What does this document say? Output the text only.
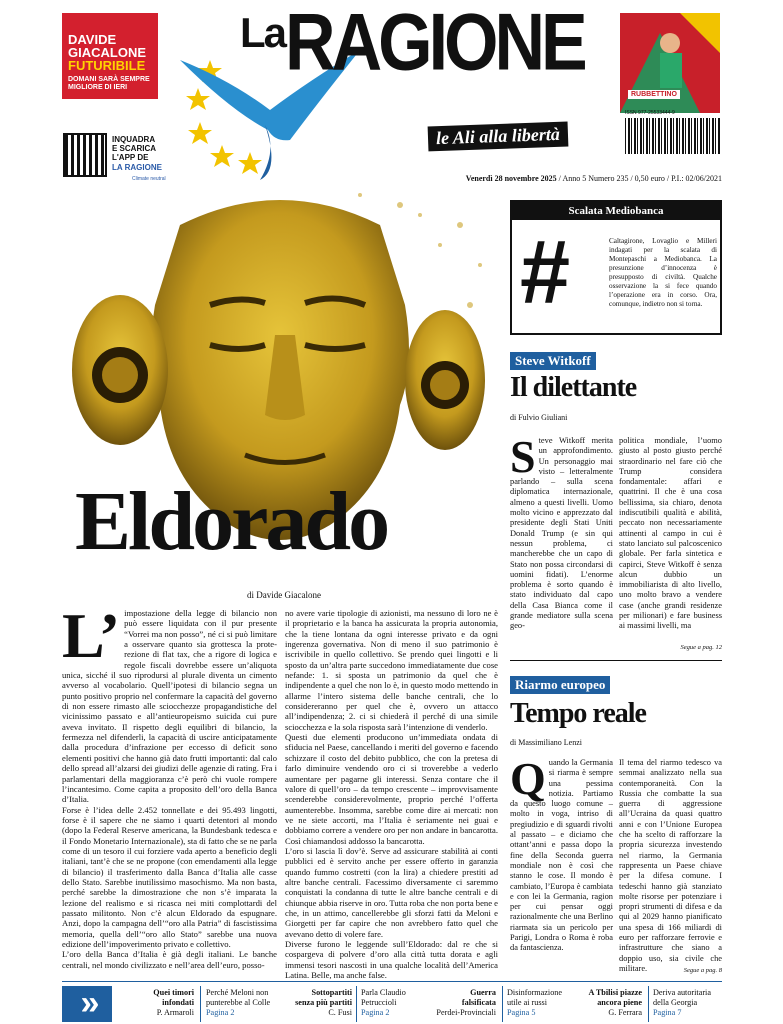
DAVIDE
GIACALONE
FUTURIBILE
DOMANI SARÀ SEMPRE MIGLIORE DI IERI
LaRAGIONE
le Ali alla libertà
RUBBETTINO
INQUADRA
E SCARICA
L'APP DE
LA RAGIONE
Climate neutral
ISSN 977-25533444-9
Venerdì 28 novembre 2025 / Anno 5 Numero 235 / 0,50 euro / P.I.: 02/06/2021
Eldorado
di Davide Giacalone
L’ impostazione della legge di bilancio non può essere liquidata con il pur presente “Vorrei ma non posso”, né ci si può limitare a osservare quanto sia grottesca la prote-rezione di flat tax, che a rigore di logica e regole fiscali dovrebbe essere un’aliquota unica, sicché il suo riprodursi al plurale diventa un cimento avverso al vocabolario. Quell’ipotesi di bilancio segna un punto positivo proprio nel confermare la capacità del governo di non essere rimasto alle sciocchezze propagandistiche del vicinissimo passato e all’antieuropeismo suicida cui pure aveva invitato. Il rispetto degli equilibri di bilancio, la fermezza nel difenderli, la capacità di uscire anticipatamente dalla procedura d’infrazione per eccesso di deficit sono elementi positivi che hanno già dato frutti importanti: dal calo dello spread all’alzarsi dei giudizi delle agenzie di rating. Fra i parlamentari della maggioranza c’è però chi vuole rompere l’incantesimo. Come capita a proposito dell’oro della Banca d’Italia.

Forse è l’idea delle 2.452 tonnellate e dei 95.493 lingotti, forse è il sapere che ne siamo i quarti detentori al mondo (dopo la Federal Reserve americana, la Bundesbank tedesca e il Fondo Monetario Internazionale), sta di fatto che se ne parla come di un tesoro il cui forziere vada aperto a beneficio degli italiani, tant’è che se ne propone (con emendamenti alla legge di bilancio) il trasferimento dalla Banca d’Italia alle casse dello Stato. Sarebbe inutilissimo masochismo. Ma non basta, perché sarebbe la dimostrazione che non s’è imparata la lezione del realismo e si ricasca nei miti complottardi del passato militonto. Non c’è alcun Eldorado da espugnare. Anzi, dopo la campagna dell’“oro alla Patria” di fascistissima memoria, quella dell’“oro allo Stato” sarebbe una nuova edizione dell’impoverimento privato e collettivo.

L’oro della Banca d’Italia è già degli italiani. Le banche centrali, nel mondo civilizzato e nell’area dell’euro, posso-

no avere varie tipologie di azionisti, ma nessuno di loro ne è il proprietario e la banca ha assicurata la propria autonomia, che la tiene lontana da ogni interesse privato e da ogni ingerenza governativa. Non di meno il suo patrimonio è iscrivibile in quello collettivo. Se prendo quei lingotti e li sposto da un’altra parte succedono immediatamente due cose nefande: 1. si sposta un patrimonio da quel che è indipendente a quel che non lo è, in questo modo mettendo in allarme l’intero sistema delle banche centrali, che lo considereranno per quel che è, ovvero un attacco all’indipendenza; 2. ci si chiederà il perché di una simile sciocchezza e la sola risposta sarà l’intenzione di venderlo.

Questi due elementi producono un’immediata ondata di sfiducia nel Paese, cancellando i meriti del governo e facendo schizzare il costo del debito pubblico, che con la pretesa di farlo diminuire vendendo oro ci si troverebbe a vederlo aumentare per pagarne gli interessi. Senza contare che il valore di quell’oro – da tempo crescente – improvvisamente scenderebbe considerevolmente, proprio perché l’offerta aumenterebbe. Insomma, sarebbe come dire ai mercati: non ve ne siete accorti, ma l’Italia è seriamente nei guai e dobbiamo correre a vendere oro per non andare in bancarotta. Così chiamandosi addosso la bancarotta.

L’oro si lascia lì dov’è. Serve ad assicurare stabilità ai conti pubblici ed è servito anche per essere offerto in garanzia quando fummo costretti (con la lira) a chiedere prestiti ad altre banche centrali. Facessimo diversamente ci saremmo conquistati la condanna di tutte le altre banche centrali e di chiunque abbia riserve in oro. Tutta roba che non porta bene e che, in un attimo, cancellerebbe gli sforzi fatti da Meloni e Giorgetti per far capire che non avrebbero fatto quel che avevano detto di volere fare.

Diverse furono le leggende sull’Eldorado: dal re che si cospargeva di polvere d’oro alla città tutta dorata e agli immensi tesori nascosti in una qualche località dell’America Latina. Belle, ma anche false.

Scalata Mediobanca
#	Caltagirone, Lovaglio e Milleri indagati per la scalata di Montepaschi a Mediobanca. La presunzione d’innocenza è presupposto di civiltà. Qualche osservazione la si fece quando l’operazione era in corso. Ora, comunque, indietro non si torna.
Steve Witkoff
Il dilettante
di Fulvio Giuliani
S teve Witkoff merita un approfondimento. Un personaggio mai visto – letteralmente parlando – sulla scena diplomatica internazionale, almeno a questi livelli. Uomo molto vicino e apprezzato dal presidente degli Stati Uniti Donald Trump (e sin qui nessun problema, ci mancherebbe che un capo di Stato non possa circondarsi di uomini fidati). L’enorme problema è sorto quando è stato individuato dal capo della Casa Bianca come il grande mediatore sulla scena geo-

politica mondiale, l’uomo giusto al posto giusto perché straordinario nel fare ciò che Trump considera fondamentale: affari e quattrini. Il che è una cosa bellissima, sia chiaro, denota indiscutibili qualità e abilità, peccato non necessariamente attinenti al campo in cui è stato lanciato sul palcoscenico globale. Per farla sintetica e capirci, Steve Witkoff è senza alcun dubbio un immobiliarista di alto livello, uno molto bravo a vendere case (anche grandi residenze per milionari) e fare business ai massimi livelli, ma

Segue a pag. 12
Riarmo europeo
Tempo reale
di Massimiliano Lenzi
Q uando la Germania si riarma è sempre una pessima notizia. Partiamo da questo luogo comune – molto in voga, intriso di pregiudizio e di sguardi rivolti al passato – e diciamo che ottant’anni e passa dopo la fine della Seconda guerra mondiale non è così che stanno le cose. Il mondo è cambiato, l’Europa è cambiata e con lei la Germania, ragion per cui pensar oggi razionalmente che una Berlino riarmata sia un pericolo per Parigi, Londra o Roma è roba da fantascienza.

Il tema del riarmo tedesco va semmai analizzato nella sua contemporaneità. Con la Russia che combatte la sua guerra di aggressione all’Ucraina da quasi quattro anni e con l’Unione Europea che ha scelto di rafforzare la propria sicurezza investendo nel riarmo, la Germania rappresenta un Paese chiave per la difesa comune. I tedeschi hanno già stanziato molte risorse per potenziare i propri strumenti di difesa e da qui al 2029 hanno pianificato una spesa di 166 miliardi di euro per rafforzare ferrovie e infrastrutture che siano a doppio uso, sia civile che militare.	Segue a pag. 8
»	Quei timori
infondati
P. Armaroli
Perché Meloni non
punterebbe al Colle
Pagina 2
Sottopartiti
senza più partiti
C. Fusi
Parla Claudio
Petruccioli
Pagina 2
Guerra
falsificata
Perdei-Provinciali
Disinformazione
utile ai russi
Pagina 5
A Tbilisi piazze
ancora piene
G. Ferrara
Deriva autoritaria
della Georgia
Pagina 7
